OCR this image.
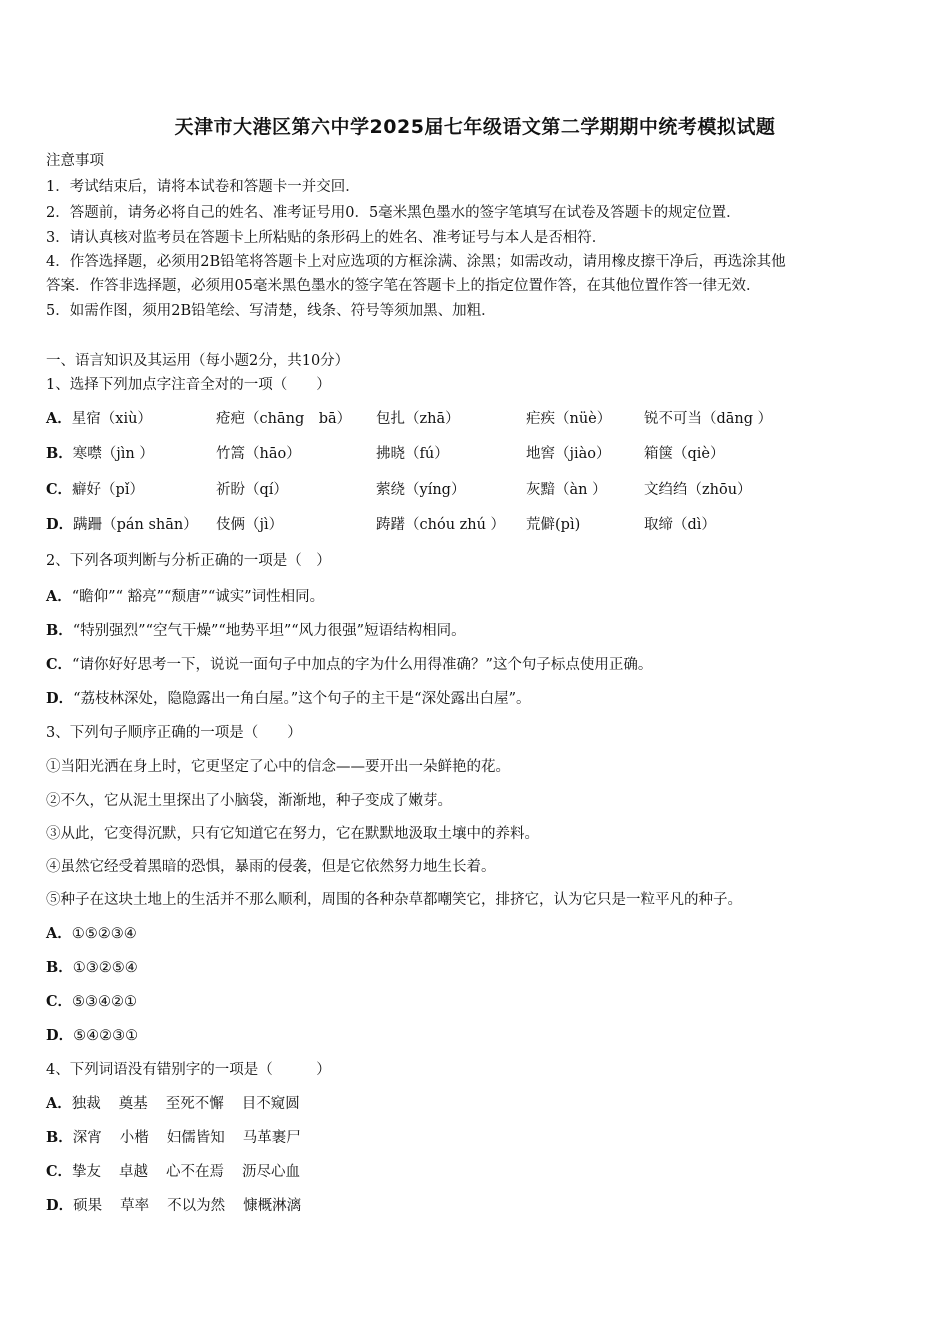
天津市大港区第六中学2025届七年级语文第二学期期中统考模拟试题
注意事项
1．考试结束后，请将本试卷和答题卡一并交回．
2．答题前，请务必将自己的姓名、准考证号用0．5毫米黑色墨水的签字笔填写在试卷及答题卡的规定位置．
3．请认真核对监考员在答题卡上所粘贴的条形码上的姓名、准考证号与本人是否相符．
4．作答选择题，必须用2B铅笔将答题卡上对应选项的方框涂满、涂黑；如需改动，请用橡皮擦干净后，再选涂其他
答案．作答非选择题，必须用05毫米黑色墨水的签字笔在答题卡上的指定位置作答，在其他位置作答一律无效．
5．如需作图，须用2B铅笔绘、写清楚，线条、符号等须加黑、加粗．
一、语言知识及其运用（每小题2分，共10分）
1、选择下列加点字注音全对的一项（　　）
A．星宿（xiù）	疮疤（chāng　bā） 包扎（zhā）	疟疾（nüè） 锐不可当（dāng ）
B．寒噤（jìn ）	竹篙（hāo）	拂晓（fú）	地窖（jiào） 箱箧（qiè）
C．癖好（pǐ）	祈盼（qí）	萦绕（yíng）	灰黯（àn ）	文绉绉（zhōu）
D．蹒跚（pán shān） 伎俩（jì）	踌躇（chóu zhú ） 荒僻(pì)	取缔（dì）
2、下列各项判断与分析正确的一项是（　）
A．“瞻仰”“ 豁亮”“颓唐”“诚实”词性相同。
B．“特别强烈”“空气干燥”“地势平坦”“风力很强”短语结构相同。
C．“请你好好思考一下，说说一面句子中加点的字为什么用得准确？”这个句子标点使用正确。
D．“荔枝林深处，隐隐露出一角白屋。”这个句子的主干是“深处露出白屋”。
3、下列句子顺序正确的一项是（　　）
①当阳光洒在身上时，它更坚定了心中的信念——要开出一朵鲜艳的花。
②不久，它从泥土里探出了小脑袋，渐渐地，种子变成了嫩芽。
③从此，它变得沉默，只有它知道它在努力，它在默默地汲取土壤中的养料。
④虽然它经受着黑暗的恐惧，暴雨的侵袭，但是它依然努力地生长着。
⑤种子在这块土地上的生活并不那么顺利，周围的各种杂草都嘲笑它，排挤它，认为它只是一粒平凡的种子。
A．①⑤②③④
B．①③②⑤④
C．⑤③④②①
D．⑤④②③①
4、下列词语没有错别字的一项是（　　　）
A．独裁 奠基 至死不懈 目不窥圆
B．深宵 小楷 妇儒皆知 马革裹尸
C．挚友 卓越 心不在焉 沥尽心血
D．硕果 草率 不以为然 慷概淋漓
